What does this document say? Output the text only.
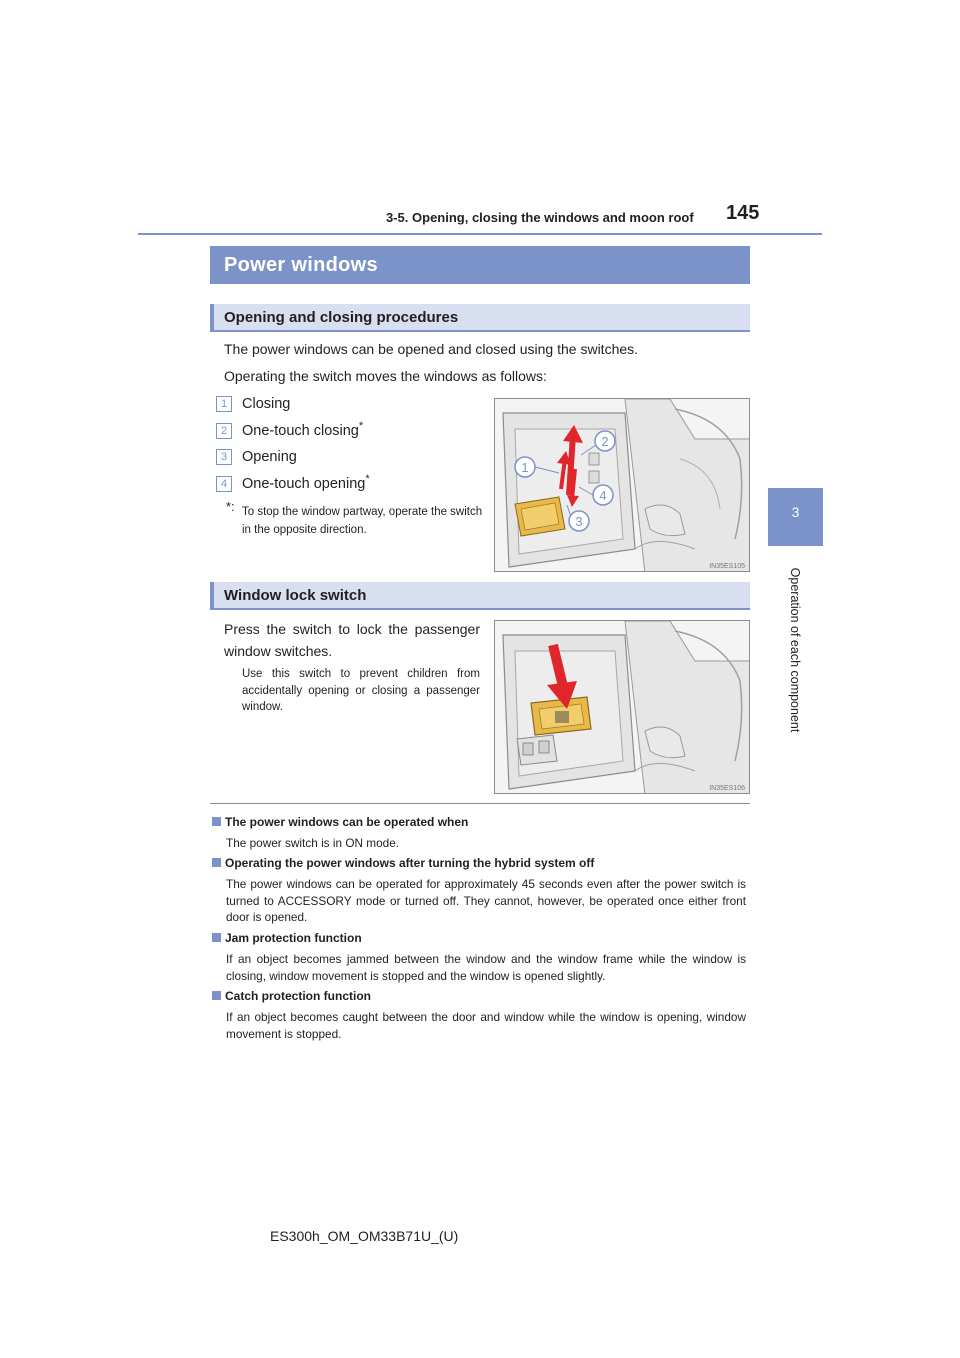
3-5. Opening, closing the windows and moon roof 145
3
Operation of each component
Power windows
Opening and closing procedures
The power windows can be opened and closed using the switches.
Operating the switch moves the windows as follows:
1	Closing
2	One-touch closing*
3	Opening
4	One-touch opening*
*: To stop the window partway, operate the switch in the opposite direction.
1
2
3
4
IN35ES105
Window lock switch
Press the switch to lock the passenger window switches.
Use this switch to prevent children from accidentally opening or closing a passenger window.
IN35ES106
The power windows can be operated when
The power switch is in ON mode.
Operating the power windows after turning the hybrid system off
The power windows can be operated for approximately 45 seconds even after the power switch is turned to ACCESSORY mode or turned off. They cannot, however, be operated once either front door is opened.
Jam protection function
If an object becomes jammed between the window and the window frame while the window is closing, window movement is stopped and the window is opened slightly.
Catch protection function
If an object becomes caught between the door and window while the window is opening, window movement is stopped.
ES300h_OM_OM33B71U_(U)
